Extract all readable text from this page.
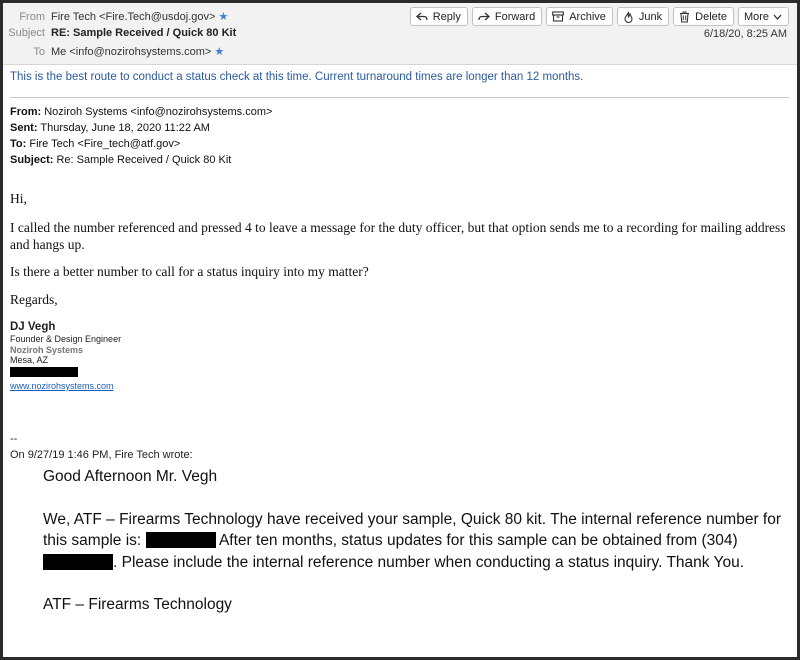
From Fire Tech <Fire.Tech@usdoj.gov> ★
Subject RE: Sample Received / Quick 80 Kit
To Me <info@nozirohsystems.com> ★
Reply	Forward	Archive	Junk	Delete More
6/18/20, 8:25 AM
This is the best route to conduct a status check at this time. Current turnaround times are longer than 12 months.
From: Noziroh Systems <info@nozirohsystems.com>
Sent: Thursday, June 18, 2020 11:22 AM
To: Fire Tech <Fire_tech@atf.gov>
Subject: Re: Sample Received / Quick 80 Kit
Hi,
I called the number referenced and pressed 4 to leave a message for the duty officer, but that option sends me to a recording for mailing address and hangs up.
Is there a better number to call for a status inquiry into my matter?
Regards,
DJ Vegh
Founder & Design Engineer
Noziroh Systems
Mesa, AZ
www.nozirohsystems.com
--
On 9/27/19 1:46 PM, Fire Tech wrote:

Good Afternoon Mr. Vegh

We, ATF – Firearms Technology have received your sample, Quick 80 kit. The internal reference number for this sample is:	After ten months, status updates for this sample can be obtained from (304). Please include the internal reference number when conducting a status inquiry. Thank You.

ATF – Firearms Technology
